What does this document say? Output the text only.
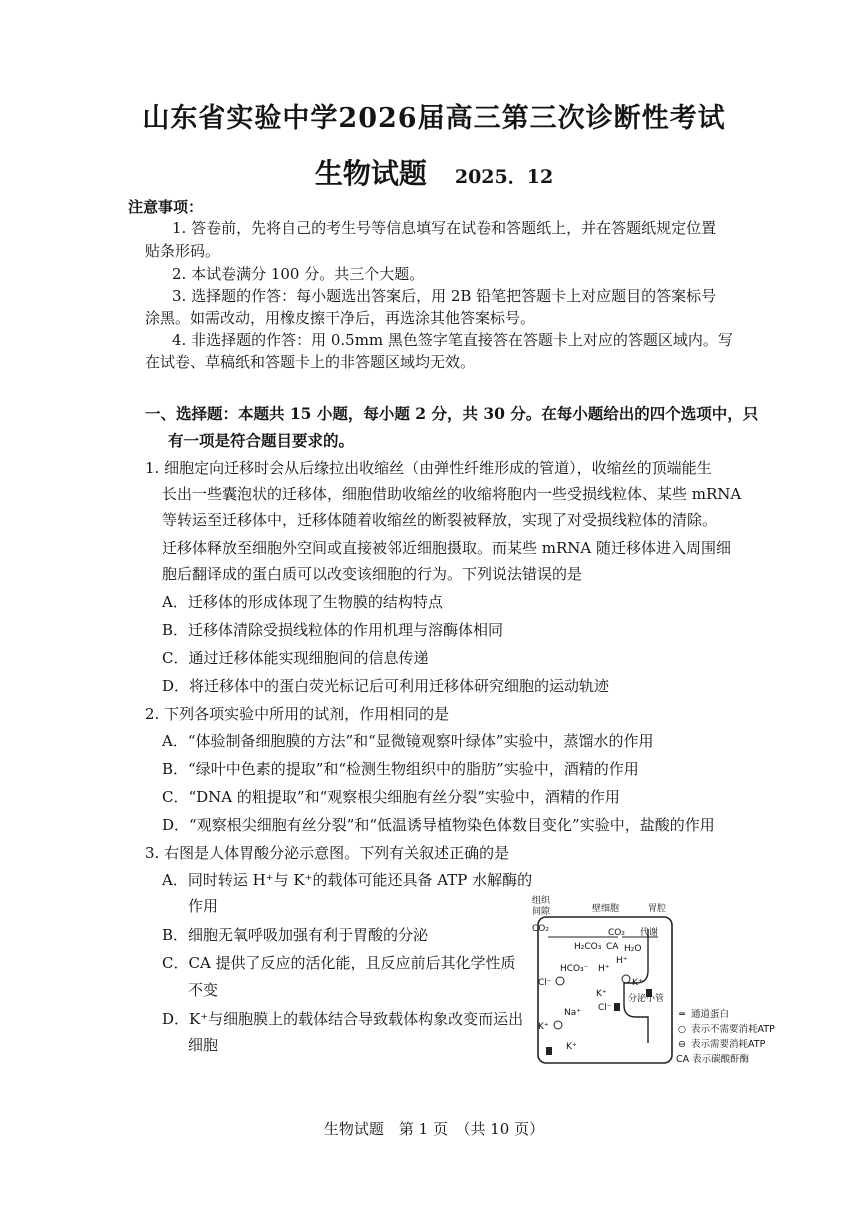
山东省实验中学2026届高三第三次诊断性考试
生物试题 2025．12
注意事项：
1. 答卷前，先将自己的考生号等信息填写在试卷和答题纸上，并在答题纸规定位置
贴条形码。
2. 本试卷满分 100 分。共三个大题。
3. 选择题的作答：每小题选出答案后，用 2B 铅笔把答题卡上对应题目的答案标号
涂黑。如需改动，用橡皮擦干净后，再选涂其他答案标号。
4. 非选择题的作答：用 0.5mm 黑色签字笔直接答在答题卡上对应的答题区域内。写
在试卷、草稿纸和答题卡上的非答题区域均无效。
一、选择题：本题共 15 小题，每小题 2 分，共 30 分。在每小题给出的四个选项中，只
有一项是符合题目要求的。
1. 细胞定向迁移时会从后缘拉出收缩丝（由弹性纤维形成的管道），收缩丝的顶端能生
长出一些囊泡状的迁移体，细胞借助收缩丝的收缩将胞内一些受损线粒体、某些 mRNA
等转运至迁移体中，迁移体随着收缩丝的断裂被释放，实现了对受损线粒体的清除。
迁移体释放至细胞外空间或直接被邻近细胞摄取。而某些 mRNA 随迁移体进入周围细
胞后翻译成的蛋白质可以改变该细胞的行为。下列说法错误的是
A．迁移体的形成体现了生物膜的结构特点
B．迁移体清除受损线粒体的作用机理与溶酶体相同
C．通过迁移体能实现细胞间的信息传递
D．将迁移体中的蛋白荧光标记后可利用迁移体研究细胞的运动轨迹
2. 下列各项实验中所用的试剂，作用相同的是
A．“体验制备细胞膜的方法”和“显微镜观察叶绿体”实验中，蒸馏水的作用
B．“绿叶中色素的提取”和“检测生物组织中的脂肪”实验中，酒精的作用
C．“DNA 的粗提取”和“观察根尖细胞有丝分裂”实验中，酒精的作用
D．“观察根尖细胞有丝分裂”和“低温诱导植物染色体数目变化”实验中，盐酸的作用
3. 右图是人体胃酸分泌示意图。下列有关叙述正确的是
A．同时转运 H⁺与 K⁺的载体可能还具备 ATP 水解酶的
作用
B．细胞无氧呼吸加强有利于胃酸的分泌
C．CA 提供了反应的活化能，且反应前后其化学性质
不变
D．K⁺与细胞膜上的载体结合导致载体构象改变而运出
细胞
组织
间隙	壁细胞	胃腔
CO₂	CO₂ 代谢
H₂CO₃ CA H₂O
HCO₃⁻ H⁺
H⁺
K⁺
K⁺
Cl⁻
Cl⁻
分泌小管
Na⁺
K⁺
K⁺
═ 通道蛋白
○ 表示不需要消耗ATP
⊖ 表示需要消耗ATP
CA 表示碳酸酐酶
生物试题　第 1 页　（共 10 页）
